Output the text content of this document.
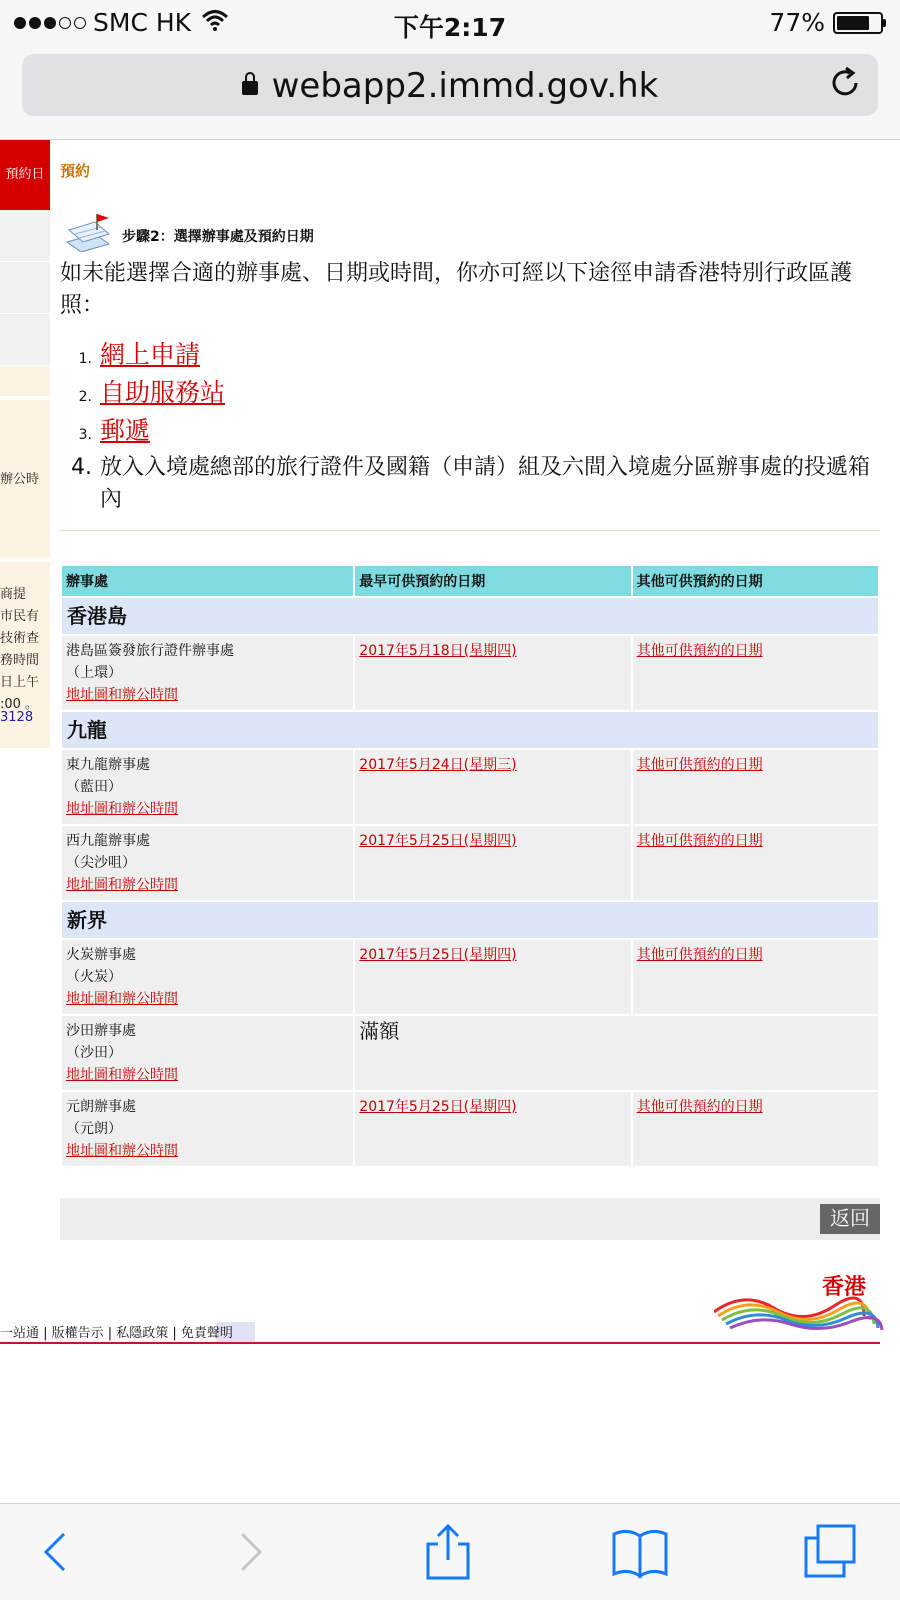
SMC HK	下午2:17	77%
webapp2.immd.gov.hk
預約日
辦公時
商提
市民有
技術查
務時間
日上午
:00 。
3128
預約
步驟2：選擇辦事處及預約日期
如未能選擇合適的辦事處、日期或時間，你亦可經以下途徑申請香港特別行政區護照：
1. 網上申請
2. 自助服務站
3. 郵遞
4. 放入入境處總部的旅行證件及國籍（申請）組及六間入境處分區辦事處的投遞箱內
辦事處	最早可供預約的日期	其他可供預約的日期
香港島		

港島區簽發旅行證件辦事處
（上環）
地址圖和辦公時間	2017年5月18日(星期四)	其他可供預約的日期
九龍		

東九龍辦事處
（藍田）
地址圖和辦公時間	2017年5月24日(星期三)	其他可供預約的日期

西九龍辦事處
（尖沙咀）
地址圖和辦公時間	2017年5月25日(星期四)	其他可供預約的日期
新界		

火炭辦事處
（火炭）
地址圖和辦公時間	2017年5月25日(星期四)	其他可供預約的日期

沙田辦事處
（沙田）
地址圖和辦公時間	滿額	

元朗辦事處
（元朗）
地址圖和辦公時間	2017年5月25日(星期四)	其他可供預約的日期
返回
香港
一站通 | 版權告示 | 私隱政策 | 免責聲明
